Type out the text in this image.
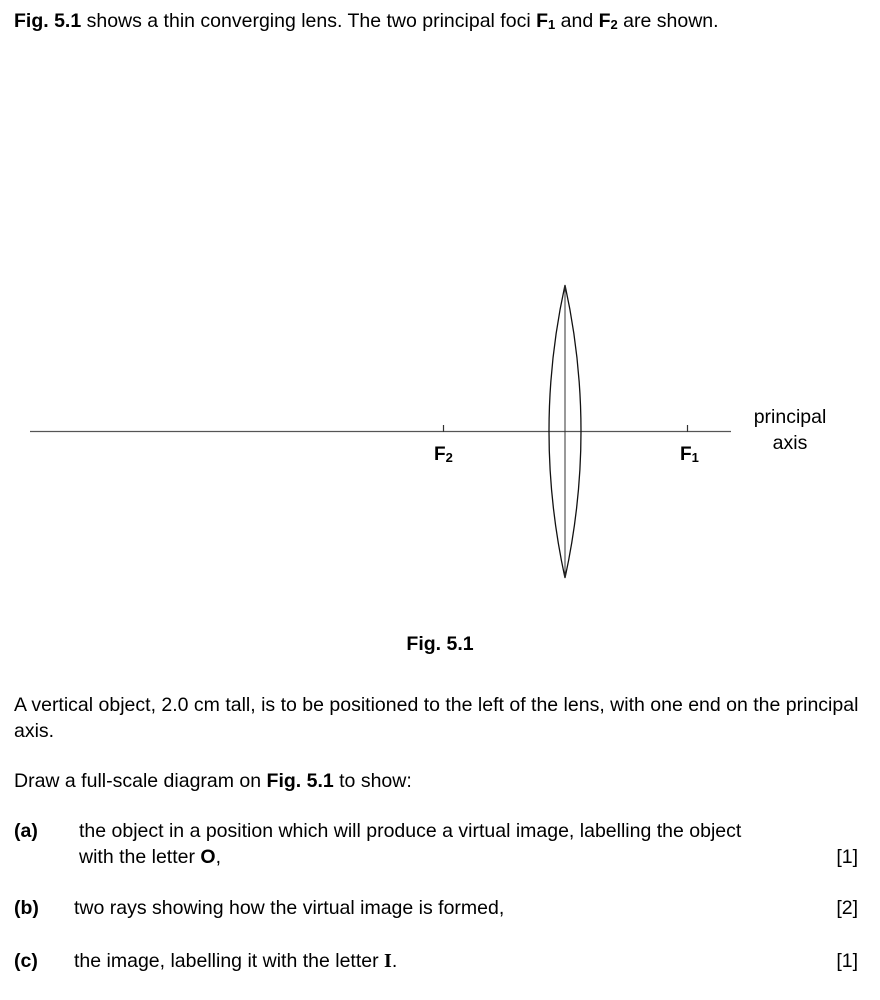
Fig. 5.1 shows a thin converging lens. The two principal foci $F_1$ and $F_2$ are shown.
F2	F1
principal
axis
Fig. 5.1
A vertical object, 2.0 cm tall, is to be positioned to the left of the lens, with one end on the principal axis.
Draw a full-scale diagram on Fig. 5.1 to show:
(a) the object in a position which will produce a virtual image, labelling the object
with the letter O,	[1]
(b) two rays showing how the virtual image is formed,	[2]
(c) the image, labelling it with the letter I.	[1]
